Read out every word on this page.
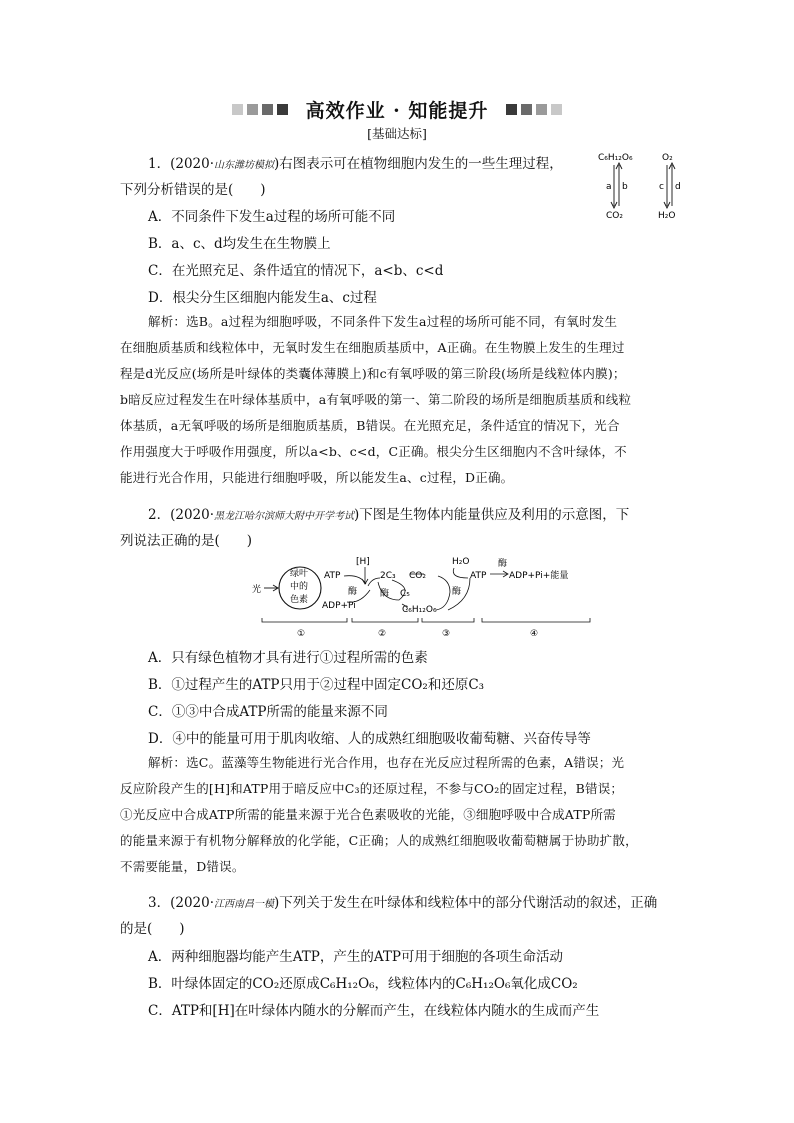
高效作业 · 知能提升
[基础达标]
1．(2020·山东潍坊模拟)右图表示可在植物细胞内发生的一些生理过程，
下列分析错误的是(　　)
A．不同条件下发生a过程的场所可能不同
B．a、c、d均发生在生物膜上
C．在光照充足、条件适宜的情况下，a<b、c<d
D．根尖分生区细胞内能发生a、c过程
C₆H₁₂O₆
CO₂
O₂
H₂O
a b	c d
解析：选B。a过程为细胞呼吸，不同条件下发生a过程的场所可能不同，有氧时发生
在细胞质基质和线粒体中，无氧时发生在细胞质基质中，A正确。在生物膜上发生的生理过
程是d光反应(场所是叶绿体的类囊体薄膜上)和c有氧呼吸的第三阶段(场所是线粒体内膜)；
b暗反应过程发生在叶绿体基质中，a有氧呼吸的第一、第二阶段的场所是细胞质基质和线粒
体基质，a无氧呼吸的场所是细胞质基质，B错误。在光照充足，条件适宜的情况下，光合
作用强度大于呼吸作用强度，所以a<b、c<d，C正确。根尖分生区细胞内不含叶绿体，不
能进行光合作用，只能进行细胞呼吸，所以能发生a、c过程，D正确。
2．(2020·黑龙江哈尔滨师大附中开学考试)下图是生物体内能量供应及利用的示意图，下
列说法正确的是(　　)
光
绿叶
中的
色素
ATP
[H]
酶
ADP+Pi
2C₃ CO₂
酶 C₅
C₆H₁₂O₆
H₂O
酶
ATP
酶
ADP+Pi+能量
①	②	③	④
A．只有绿色植物才具有进行①过程所需的色素
B．①过程产生的ATP只用于②过程中固定CO₂和还原C₃
C．①③中合成ATP所需的能量来源不同
D．④中的能量可用于肌肉收缩、人的成熟红细胞吸收葡萄糖、兴奋传导等
解析：选C。蓝藻等生物能进行光合作用，也存在光反应过程所需的色素，A错误；光
反应阶段产生的[H]和ATP用于暗反应中C₃的还原过程，不参与CO₂的固定过程，B错误；
①光反应中合成ATP所需的能量来源于光合色素吸收的光能，③细胞呼吸中合成ATP所需
的能量来源于有机物分解释放的化学能，C正确；人的成熟红细胞吸收葡萄糖属于协助扩散，
不需要能量，D错误。
3．(2020·江西南昌一模)下列关于发生在叶绿体和线粒体中的部分代谢活动的叙述，正确
的是(　　)
A．两种细胞器均能产生ATP，产生的ATP可用于细胞的各项生命活动
B．叶绿体固定的CO₂还原成C₆H₁₂O₆，线粒体内的C₆H₁₂O₆氧化成CO₂
C．ATP和[H]在叶绿体内随水的分解而产生，在线粒体内随水的生成而产生
